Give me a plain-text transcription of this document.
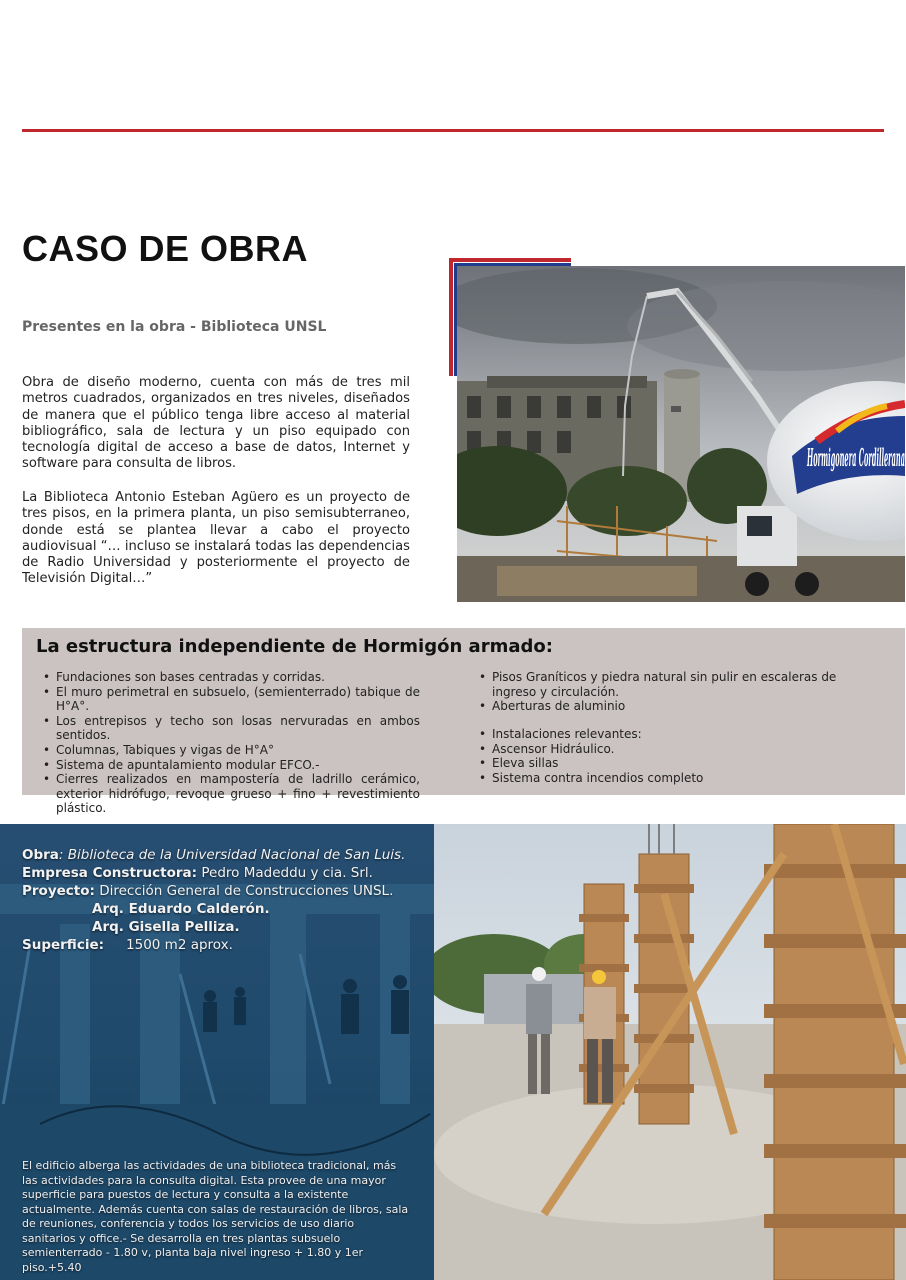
CASO DE OBRA
Presentes en la obra - Biblioteca UNSL

Obra de diseño moderno, cuenta con más de tres mil metros cuadrados, organizados en tres niveles, diseñados de manera que el público tenga libre acceso al material bibliográfico, sala de lectura y un piso equipado con tecnología digital de acceso a base de datos, Internet y software para consulta de libros.

La Biblioteca Antonio Esteban Agüero es un proyecto de tres pisos, en la primera planta, un piso semisubterraneo, donde está se plantea llevar a cabo el proyecto audiovisual “… incluso se instalará todas las dependencias de Radio Universidad y posteriormente el proyecto de Televisión Digital…”

Hormigonera Cordillerana
La estructura independiente de Hormigón armado:
• Fundaciones son bases centradas y corridas.
• El muro perimetral en subsuelo, (semienterrado) tabique de H°A°.
• Los entrepisos y techo son losas nervuradas en ambos sentidos.
• Columnas, Tabiques y vigas de H°A°
• Sistema de apuntalamiento modular EFCO.-
• Cierres realizados en mampostería de ladrillo cerámico, exterior hidrófugo, revoque grueso + fino + revestimiento plástico.
• Pisos Graníticos y piedra natural sin pulir en escaleras de ingreso y circulación.
• Aberturas de aluminio
• Instalaciones relevantes:
• Ascensor Hidráulico.
• Eleva sillas
• Sistema contra incendios completo
Obra: Biblioteca de la Universidad Nacional de San Luis.
Empresa Constructora: Pedro Madeddu y cia. Srl.
Proyecto: Dirección General de Construcciones UNSL.
Arq. Eduardo Calderón.
Arq. Gisella Pelliza.
Superficie: 1500 m2 aprox.

El edificio alberga las actividades de una biblioteca tradicional, más las actividades para la consulta digital. Esta provee de una mayor superficie para puestos de lectura y consulta a la existente actualmente. Además cuenta con salas de restauración de libros, sala de reuniones, conferencia y todos los servicios de uso diario sanitarios y office.- Se desarrolla en tres plantas subsuelo semienterrado - 1.80 v, planta baja nivel ingreso + 1.80 y 1er piso.+5.40
